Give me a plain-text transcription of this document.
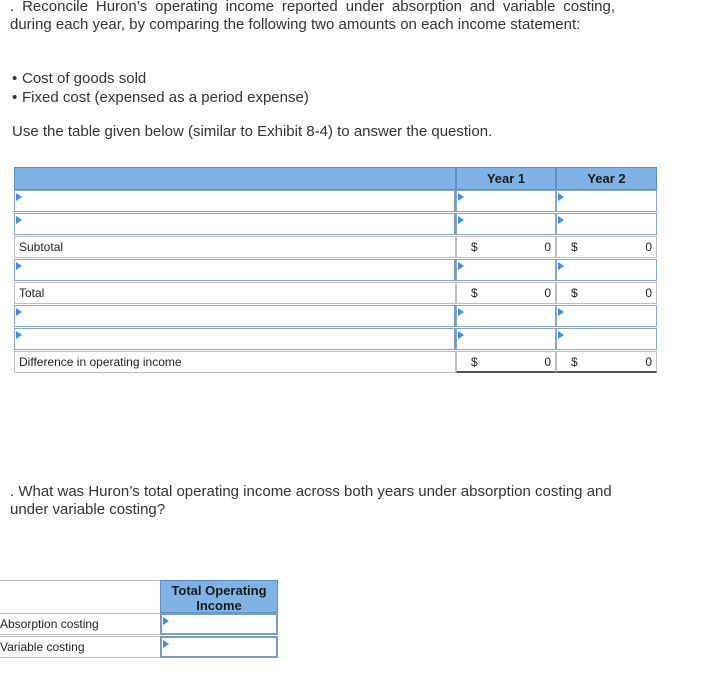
. Reconcile Huron’s operating income reported under absorption and variable costing, during each year, by comparing the following two amounts on each income statement:
• Cost of goods sold
• Fixed cost (expensed as a period expense)
Use the table given below (similar to Exhibit 8-4) to answer the question.
Year 1	Year 2
Subtotal	$	0 $	0
Total	$	0 $	0
Difference in operating income	$	0 $	0
. What was Huron’s total operating income across both years under absorption costing and under variable costing?
Total Operating Income
Absorption costing
Variable costing
